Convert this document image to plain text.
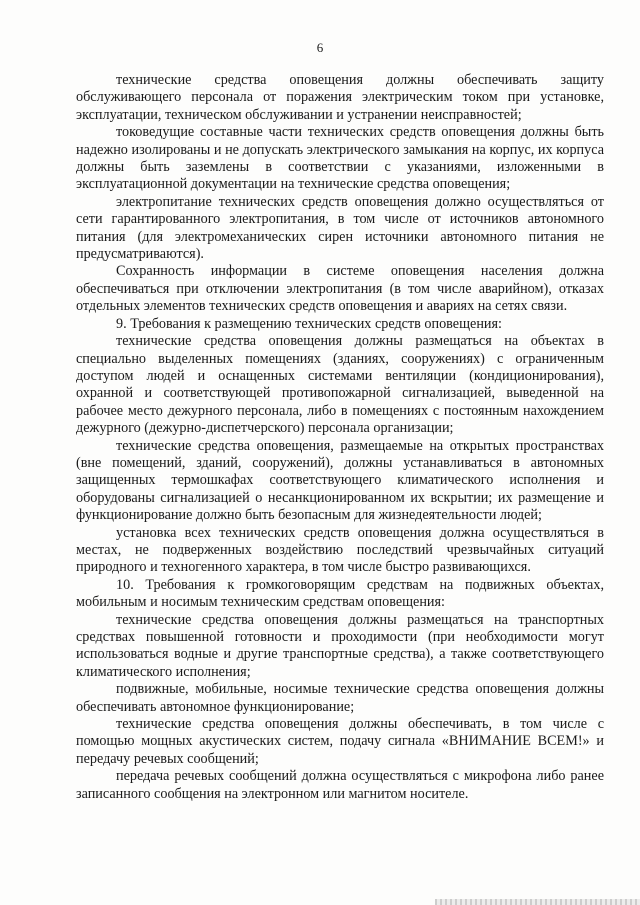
6

технические средства оповещения должны обеспечивать защиту обслуживающего персонала от поражения электрическим током при установке, эксплуатации, техническом обслуживании и устранении неисправностей;

токоведущие составные части технических средств оповещения должны быть надежно изолированы и не допускать электрического замыкания на корпус, их корпуса должны быть заземлены в соответствии с указаниями, изложенными в эксплуатационной документации на технические средства оповещения;

электропитание технических средств оповещения должно осуществляться от сети гарантированного электропитания, в том числе от источников автономного питания (для электромеханических сирен источники автономного питания не предусматриваются).

Сохранность информации в системе оповещения населения должна обеспечиваться при отключении электропитания (в том числе аварийном), отказах отдельных элементов технических средств оповещения и авариях на сетях связи.

9. Требования к размещению технических средств оповещения:

технические средства оповещения должны размещаться на объектах в специально выделенных помещениях (зданиях, сооружениях) с ограниченным доступом людей и оснащенных системами вентиляции (кондиционирования), охранной и соответствующей противопожарной сигнализацией, выведенной на рабочее место дежурного персонала, либо в помещениях с постоянным нахождением дежурного (дежурно-диспетчерского) персонала организации;

технические средства оповещения, размещаемые на открытых пространствах (вне помещений, зданий, сооружений), должны устанавливаться в автономных защищенных термошкафах соответствующего климатического исполнения и оборудованы сигнализацией о несанкционированном их вскрытии; их размещение и функционирование должно быть безопасным для жизнедеятельности людей;

установка всех технических средств оповещения должна осуществляться в местах, не подверженных воздействию последствий чрезвычайных ситуаций природного и техногенного характера, в том числе быстро развивающихся.

10. Требования к громкоговорящим средствам на подвижных объектах, мобильным и носимым техническим средствам оповещения:

технические средства оповещения должны размещаться на транспортных средствах повышенной готовности и проходимости (при необходимости могут использоваться водные и другие транспортные средства), а также соответствующего климатического исполнения;

подвижные, мобильные, носимые технические средства оповещения должны обеспечивать автономное функционирование;

технические средства оповещения должны обеспечивать, в том числе с помощью мощных акустических систем, подачу сигнала «ВНИМАНИЕ ВСЕМ!» и передачу речевых сообщений;

передача речевых сообщений должна осуществляться с микрофона либо ранее записанного сообщения на электронном или магнитом носителе.
